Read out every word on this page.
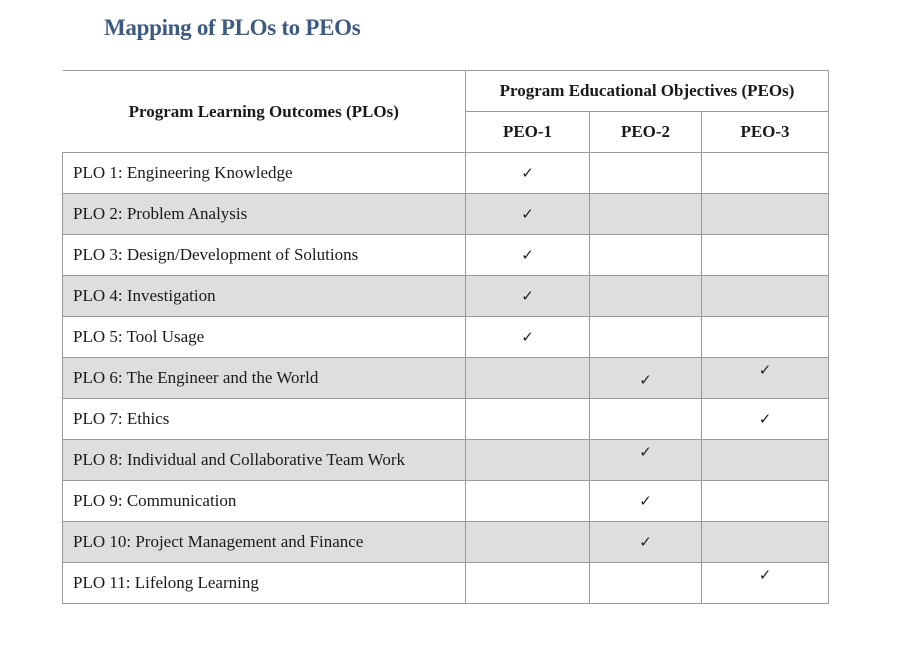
Mapping of PLOs to PEOs
Program Learning Outcomes (PLOs)	Program Educational Objectives (PEOs)		
	PEO-1	PEO-2	PEO-3
PLO 1: Engineering Knowledge	✓		

PLO 2: Problem Analysis	✓		

PLO 3: Design/Development of Solutions	✓		

PLO 4: Investigation	✓		

PLO 5: Tool Usage	✓		

PLO 6: The Engineer and the World		✓	✓

PLO 7: Ethics			✓

PLO 8: Individual and Collaborative Team Work		✓	

PLO 9: Communication		✓	

PLO 10: Project Management and Finance		✓	

PLO 11: Lifelong Learning			✓
